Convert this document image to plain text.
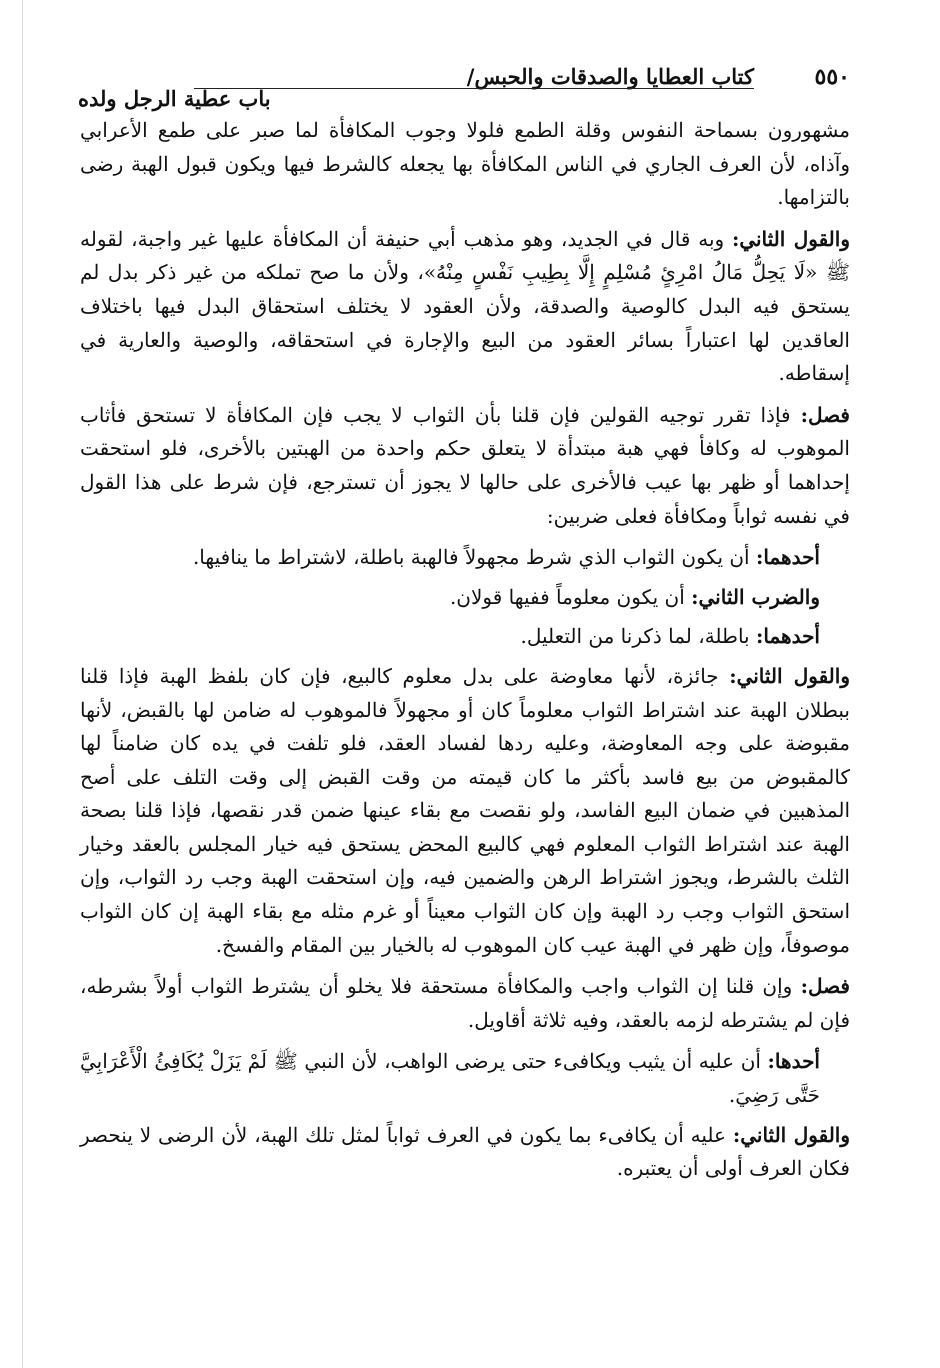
٥٥٠
كتاب العطايا والصدقات والحبس/
باب عطية الرجل ولده

مشهورون بسماحة النفوس وقلة الطمع فلولا وجوب المكافأة لما صبر على طمع الأعرابي وآذاه، لأن العرف الجاري في الناس المكافأة بها يجعله كالشرط فيها ويكون قبول الهبة رضى بالتزامها.

والقول الثاني: وبه قال في الجديد، وهو مذهب أبي حنيفة أن المكافأة عليها غير واجبة، لقوله ﷺ «لَا يَحِلُّ مَالُ امْرِئٍ مُسْلِمٍ إِلَّا بِطِيبِ نَفْسٍ مِنْهُ»، ولأن ما صح تملكه من غير ذكر بدل لم يستحق فيه البدل كالوصية والصدقة، ولأن العقود لا يختلف استحقاق البدل فيها باختلاف العاقدين لها اعتباراً بسائر العقود من البيع والإجارة في استحقاقه، والوصية والعارية في إسقاطه.

فصل: فإذا تقرر توجيه القولين فإن قلنا بأن الثواب لا يجب فإن المكافأة لا تستحق فأثاب الموهوب له وكافأ فهي هبة مبتدأة لا يتعلق حكم واحدة من الهبتين بالأخرى، فلو استحقت إحداهما أو ظهر بها عيب فالأخرى على حالها لا يجوز أن تسترجع، فإن شرط على هذا القول في نفسه ثواباً ومكافأة فعلى ضربين:

أحدهما: أن يكون الثواب الذي شرط مجهولاً فالهبة باطلة، لاشتراط ما ينافيها.

والضرب الثاني: أن يكون معلوماً ففيها قولان.

أحدهما: باطلة، لما ذكرنا من التعليل.

والقول الثاني: جائزة، لأنها معاوضة على بدل معلوم كالبيع، فإن كان بلفظ الهبة فإذا قلنا ببطلان الهبة عند اشتراط الثواب معلوماً كان أو مجهولاً فالموهوب له ضامن لها بالقبض، لأنها مقبوضة على وجه المعاوضة، وعليه ردها لفساد العقد، فلو تلفت في يده كان ضامناً لها كالمقبوض من بيع فاسد بأكثر ما كان قيمته من وقت القبض إلى وقت التلف على أصح المذهبين في ضمان البيع الفاسد، ولو نقصت مع بقاء عينها ضمن قدر نقصها، فإذا قلنا بصحة الهبة عند اشتراط الثواب المعلوم فهي كالبيع المحض يستحق فيه خيار المجلس بالعقد وخيار الثلث بالشرط، ويجوز اشتراط الرهن والضمين فيه، وإن استحقت الهبة وجب رد الثواب، وإن استحق الثواب وجب رد الهبة وإن كان الثواب معيناً أو غرم مثله مع بقاء الهبة إن كان الثواب موصوفاً، وإن ظهر في الهبة عيب كان الموهوب له بالخيار بين المقام والفسخ.

فصل: وإن قلنا إن الثواب واجب والمكافأة مستحقة فلا يخلو أن يشترط الثواب أولاً بشرطه، فإن لم يشترطه لزمه بالعقد، وفيه ثلاثة أقاويل.

أحدها: أن عليه أن يثيب ويكافىء حتى يرضى الواهب، لأن النبي ﷺ لَمْ يَزَلْ يُكَافِئُ الْأَعْرَابِيَّ حَتَّى رَضِيَ.

والقول الثاني: عليه أن يكافىء بما يكون في العرف ثواباً لمثل تلك الهبة، لأن الرضى لا ينحصر فكان العرف أولى أن يعتبره.
